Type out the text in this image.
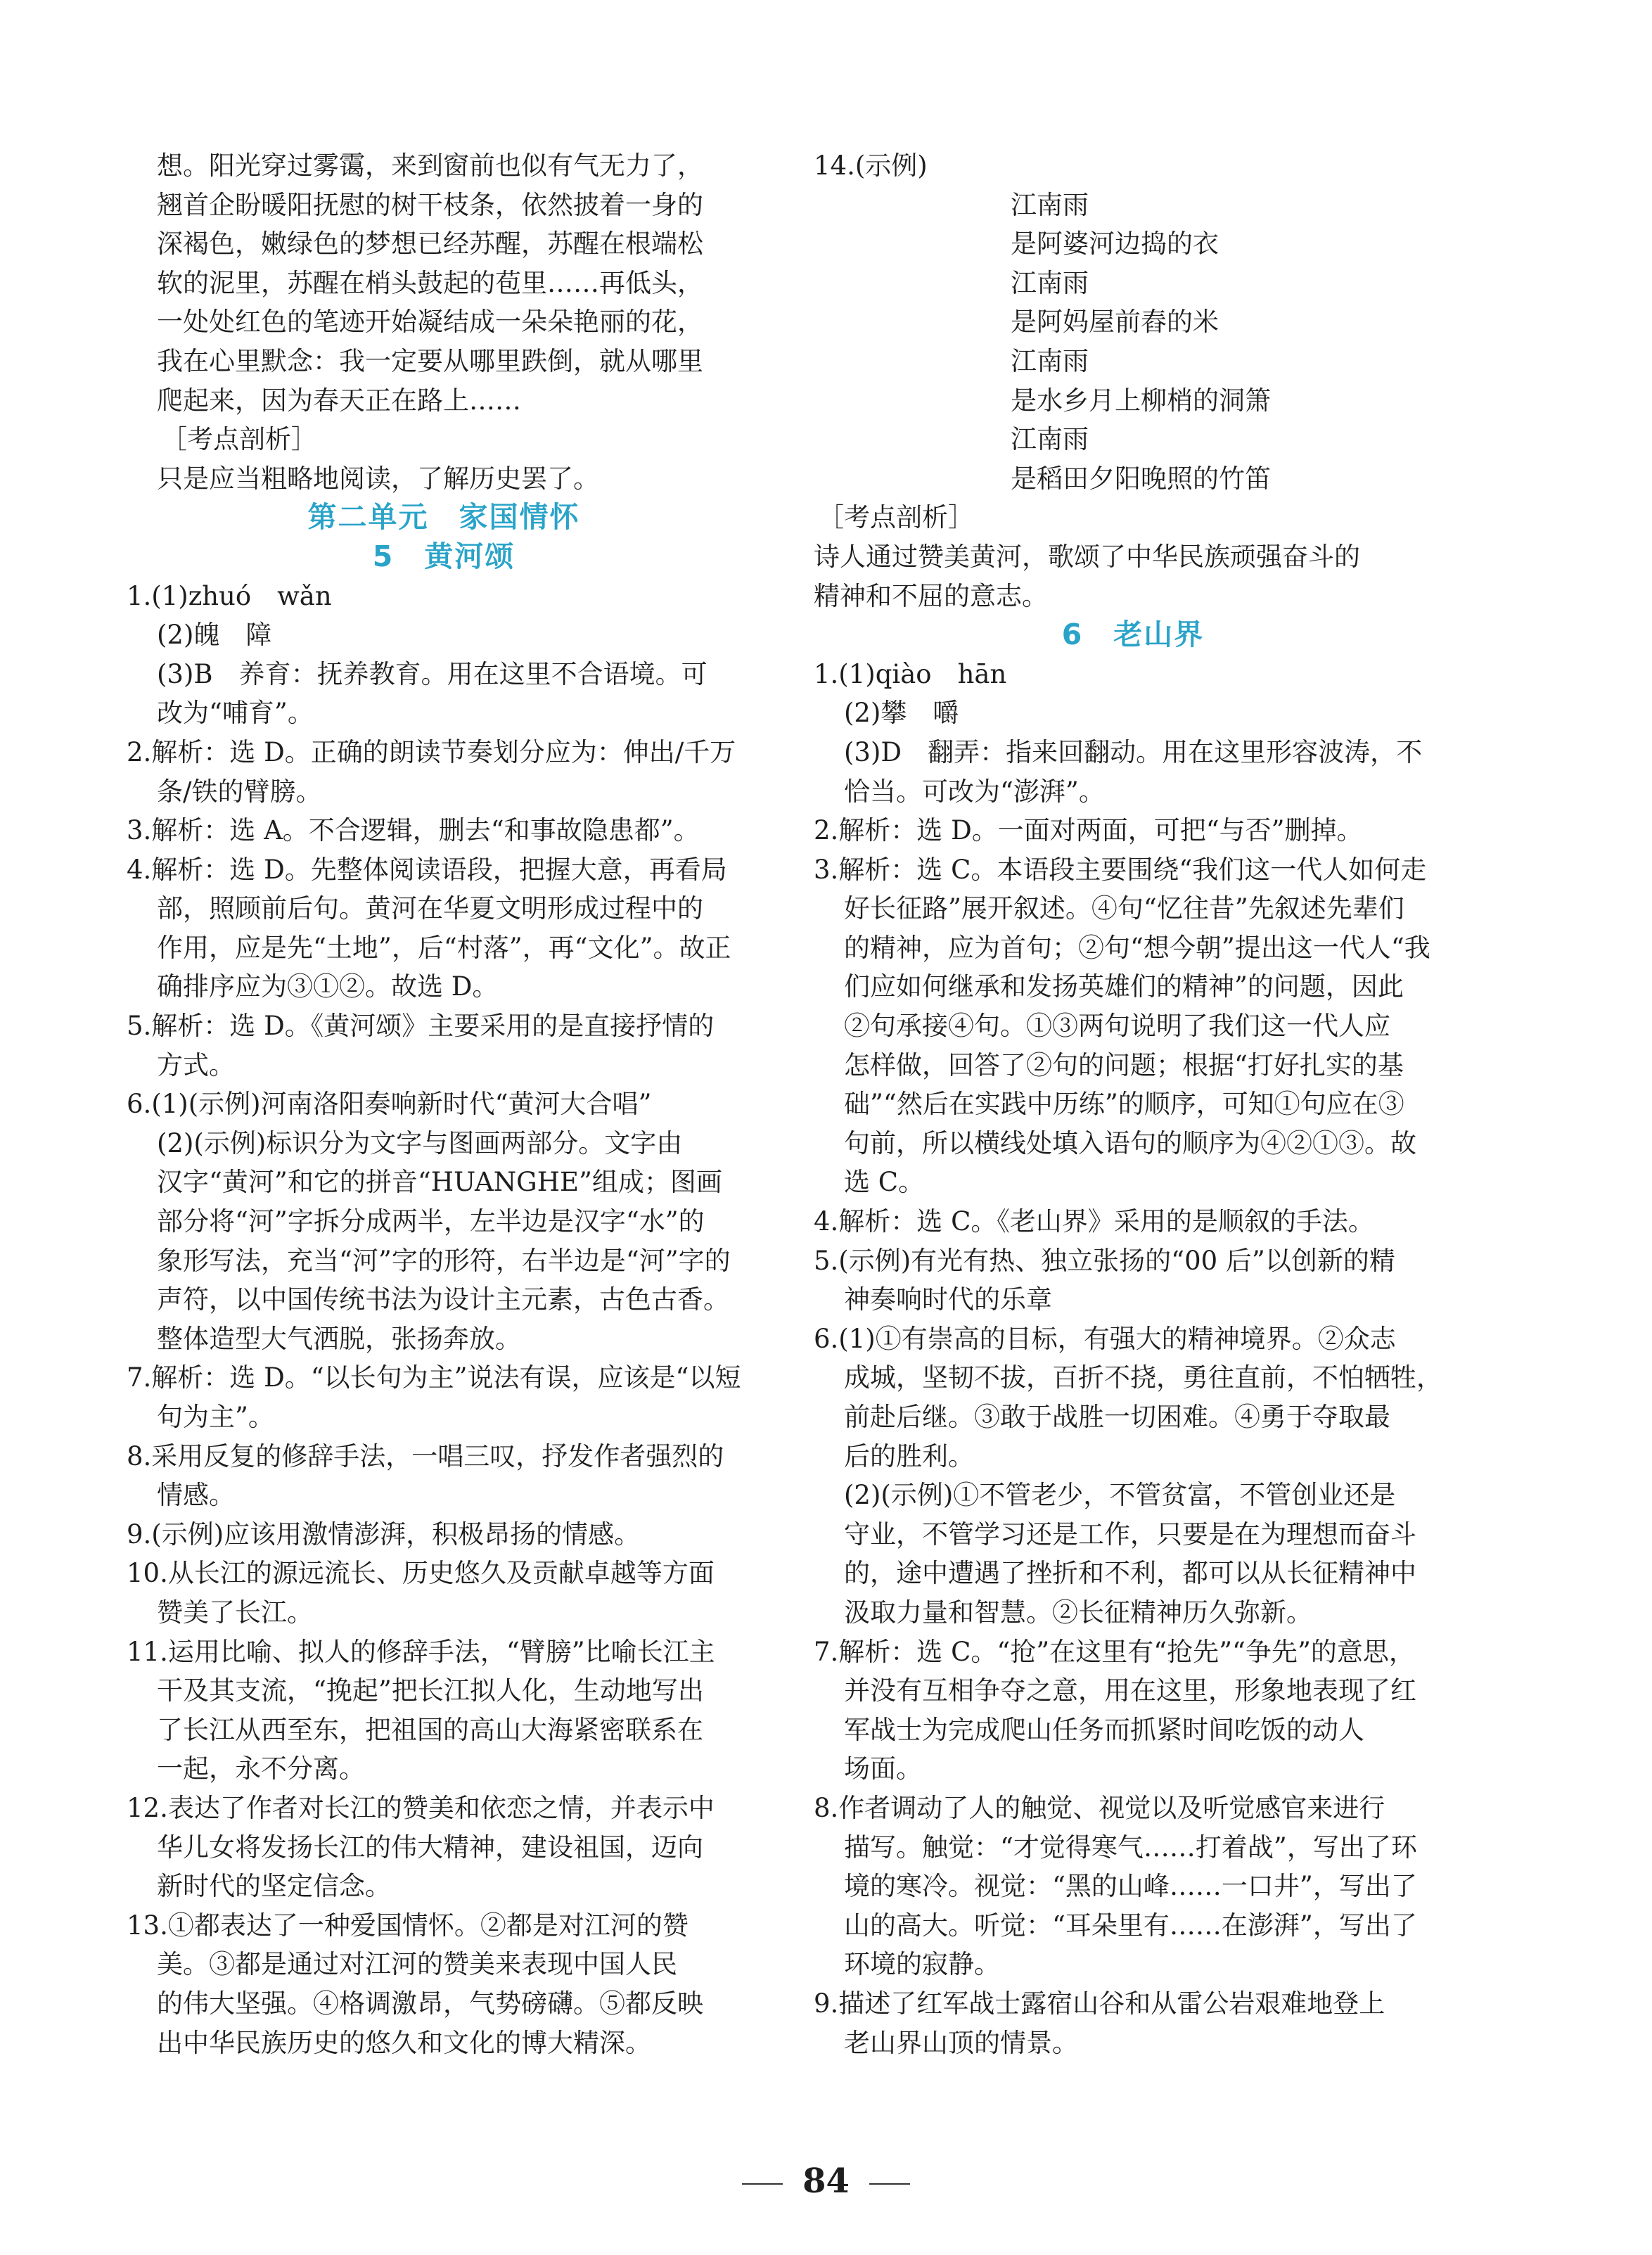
想。阳光穿过雾霭，来到窗前也似有气无力了，
翘首企盼暖阳抚慰的树干枝条，依然披着一身的
深褐色，嫩绿色的梦想已经苏醒，苏醒在根端松
软的泥里，苏醒在梢头鼓起的苞里……再低头，
一处处红色的笔迹开始凝结成一朵朵艳丽的花，
我在心里默念：我一定要从哪里跌倒，就从哪里
爬起来，因为春天正在路上……
［考点剖析］
只是应当粗略地阅读，了解历史罢了。
第二单元　家国情怀
5　黄河颂
1.(1)zhuó　wǎn
(2)魄　障
(3)B　养育：抚养教育。用在这里不合语境。可
改为“哺育”。
2.解析：选 D。正确的朗读节奏划分应为：伸出/千万
条/铁的臂膀。
3.解析：选 A。不合逻辑，删去“和事故隐患都”。
4.解析：选 D。先整体阅读语段，把握大意，再看局
部，照顾前后句。黄河在华夏文明形成过程中的
作用，应是先“土地”，后“村落”，再“文化”。故正
确排序应为③①②。故选 D。
5.解析：选 D。《黄河颂》主要采用的是直接抒情的
方式。
6.(1)(示例)河南洛阳奏响新时代“黄河大合唱”
(2)(示例)标识分为文字与图画两部分。文字由
汉字“黄河”和它的拼音“HUANGHE”组成；图画
部分将“河”字拆分成两半，左半边是汉字“水”的
象形写法，充当“河”字的形符，右半边是“河”字的
声符，以中国传统书法为设计主元素，古色古香。
整体造型大气洒脱，张扬奔放。
7.解析：选 D。“以长句为主”说法有误，应该是“以短
句为主”。
8.采用反复的修辞手法，一唱三叹，抒发作者强烈的
情感。
9.(示例)应该用激情澎湃，积极昂扬的情感。
10.从长江的源远流长、历史悠久及贡献卓越等方面
赞美了长江。
11.运用比喻、拟人的修辞手法，“臂膀”比喻长江主
干及其支流，“挽起”把长江拟人化，生动地写出
了长江从西至东，把祖国的高山大海紧密联系在
一起，永不分离。
12.表达了作者对长江的赞美和依恋之情，并表示中
华儿女将发扬长江的伟大精神，建设祖国，迈向
新时代的坚定信念。
13.①都表达了一种爱国情怀。②都是对江河的赞
美。③都是通过对江河的赞美来表现中国人民
的伟大坚强。④格调激昂，气势磅礴。⑤都反映
出中华民族历史的悠久和文化的博大精深。
14.(示例)
江南雨
是阿婆河边捣的衣
江南雨
是阿妈屋前舂的米
江南雨
是水乡月上柳梢的洞箫
江南雨
是稻田夕阳晚照的竹笛
［考点剖析］
诗人通过赞美黄河，歌颂了中华民族顽强奋斗的
精神和不屈的意志。
6　老山界
1.(1)qiào　hān
(2)攀　嚼
(3)D　翻弄：指来回翻动。用在这里形容波涛，不
恰当。可改为“澎湃”。
2.解析：选 D。一面对两面，可把“与否”删掉。
3.解析：选 C。本语段主要围绕“我们这一代人如何走
好长征路”展开叙述。④句“忆往昔”先叙述先辈们
的精神，应为首句；②句“想今朝”提出这一代人“我
们应如何继承和发扬英雄们的精神”的问题，因此
②句承接④句。①③两句说明了我们这一代人应
怎样做，回答了②句的问题；根据“打好扎实的基
础”“然后在实践中历练”的顺序，可知①句应在③
句前，所以横线处填入语句的顺序为④②①③。故
选 C。
4.解析：选 C。《老山界》采用的是顺叙的手法。
5.(示例)有光有热、独立张扬的“00 后”以创新的精
神奏响时代的乐章
6.(1)①有崇高的目标，有强大的精神境界。②众志
成城，坚韧不拔，百折不挠，勇往直前，不怕牺牲，
前赴后继。③敢于战胜一切困难。④勇于夺取最
后的胜利。
(2)(示例)①不管老少，不管贫富，不管创业还是
守业，不管学习还是工作，只要是在为理想而奋斗
的，途中遭遇了挫折和不利，都可以从长征精神中
汲取力量和智慧。②长征精神历久弥新。
7.解析：选 C。“抢”在这里有“抢先”“争先”的意思，
并没有互相争夺之意，用在这里，形象地表现了红
军战士为完成爬山任务而抓紧时间吃饭的动人
场面。
8.作者调动了人的触觉、视觉以及听觉感官来进行
描写。触觉：“才觉得寒气……打着战”，写出了环
境的寒冷。视觉：“黑的山峰……一口井”，写出了
山的高大。听觉：“耳朵里有……在澎湃”，写出了
环境的寂静。
9.描述了红军战士露宿山谷和从雷公岩艰难地登上
老山界山顶的情景。
84
